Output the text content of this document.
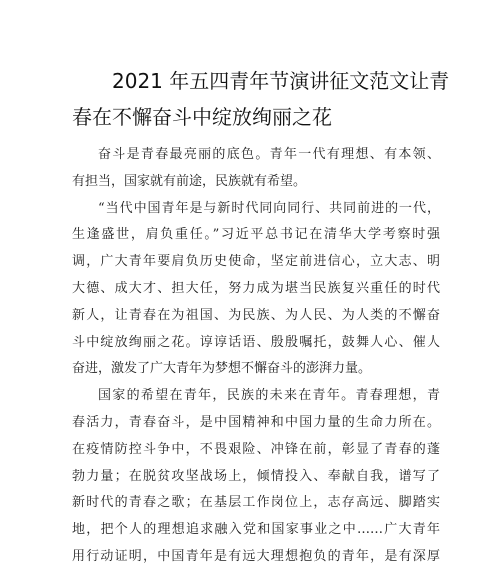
2021 年五四青年节演讲征文范文让青
春在不懈奋斗中绽放绚丽之花

奋斗是青春最亮丽的底色。青年一代有理想、有本领、
有担当，国家就有前途，民族就有希望。

“当代中国青年是与新时代同向同行、共同前进的一代，
生逢盛世，肩负重任。”习近平总书记在清华大学考察时强
调，广大青年要肩负历史使命，坚定前进信心，立大志、明
大德、成大才、担大任，努力成为堪当民族复兴重任的时代
新人，让青春在为祖国、为民族、为人民、为人类的不懈奋
斗中绽放绚丽之花。谆谆话语、殷殷嘱托，鼓舞人心、催人
奋进，激发了广大青年为梦想不懈奋斗的澎湃力量。

国家的希望在青年，民族的未来在青年。青春理想，青
春活力，青春奋斗，是中国精神和中国力量的生命力所在。
在疫情防控斗争中，不畏艰险、冲锋在前，彰显了青春的蓬
勃力量；在脱贫攻坚战场上，倾情投入、奉献自我，谱写了
新时代的青春之歌；在基层工作岗位上，志存高远、脚踏实
地，把个人的理想追求融入党和国家事业之中……广大青年
用行动证明，中国青年是有远大理想抱负的青年，是有深厚
